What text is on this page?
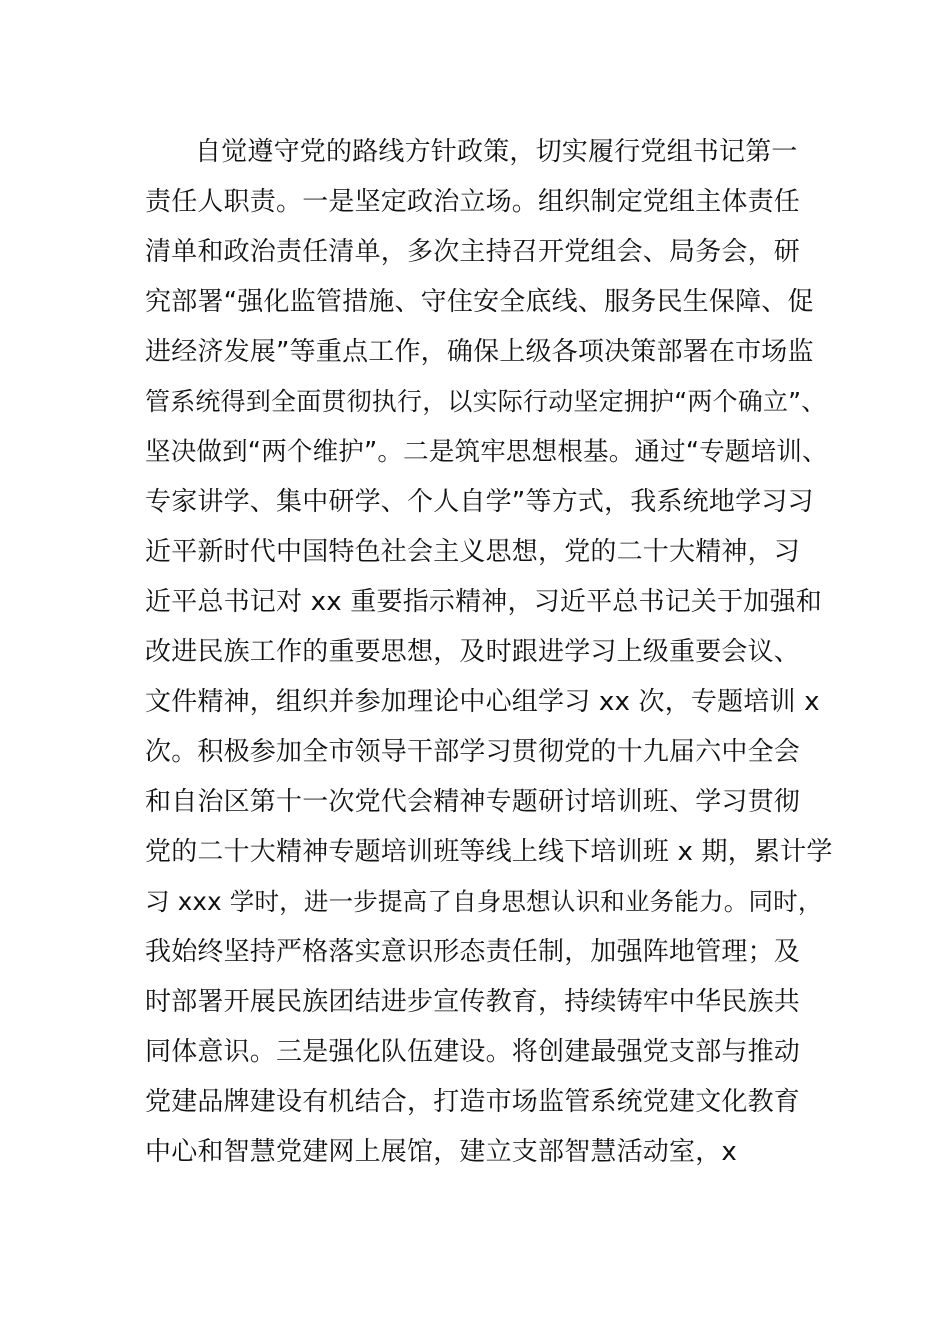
自觉遵守党的路线方针政策，切实履行党组书记第一
责任人职责。一是坚定政治立场。组织制定党组主体责任
清单和政治责任清单，多次主持召开党组会、局务会，研
究部署“强化监管措施、守住安全底线、服务民生保障、促
进经济发展”等重点工作，确保上级各项决策部署在市场监
管系统得到全面贯彻执行，以实际行动坚定拥护“两个确立”、
坚决做到“两个维护”。二是筑牢思想根基。通过“专题培训、
专家讲学、集中研学、个人自学”等方式，我系统地学习习
近平新时代中国特色社会主义思想，党的二十大精神，习
近平总书记对 xx 重要指示精神，习近平总书记关于加强和
改进民族工作的重要思想，及时跟进学习上级重要会议、
文件精神，组织并参加理论中心组学习 xx 次，专题培训 x
次。积极参加全市领导干部学习贯彻党的十九届六中全会
和自治区第十一次党代会精神专题研讨培训班、学习贯彻
党的二十大精神专题培训班等线上线下培训班 x 期，累计学
习 xxx 学时，进一步提高了自身思想认识和业务能力。同时，
我始终坚持严格落实意识形态责任制，加强阵地管理；及
时部署开展民族团结进步宣传教育，持续铸牢中华民族共
同体意识。三是强化队伍建设。将创建最强党支部与推动
党建品牌建设有机结合，打造市场监管系统党建文化教育
中心和智慧党建网上展馆，建立支部智慧活动室，x
